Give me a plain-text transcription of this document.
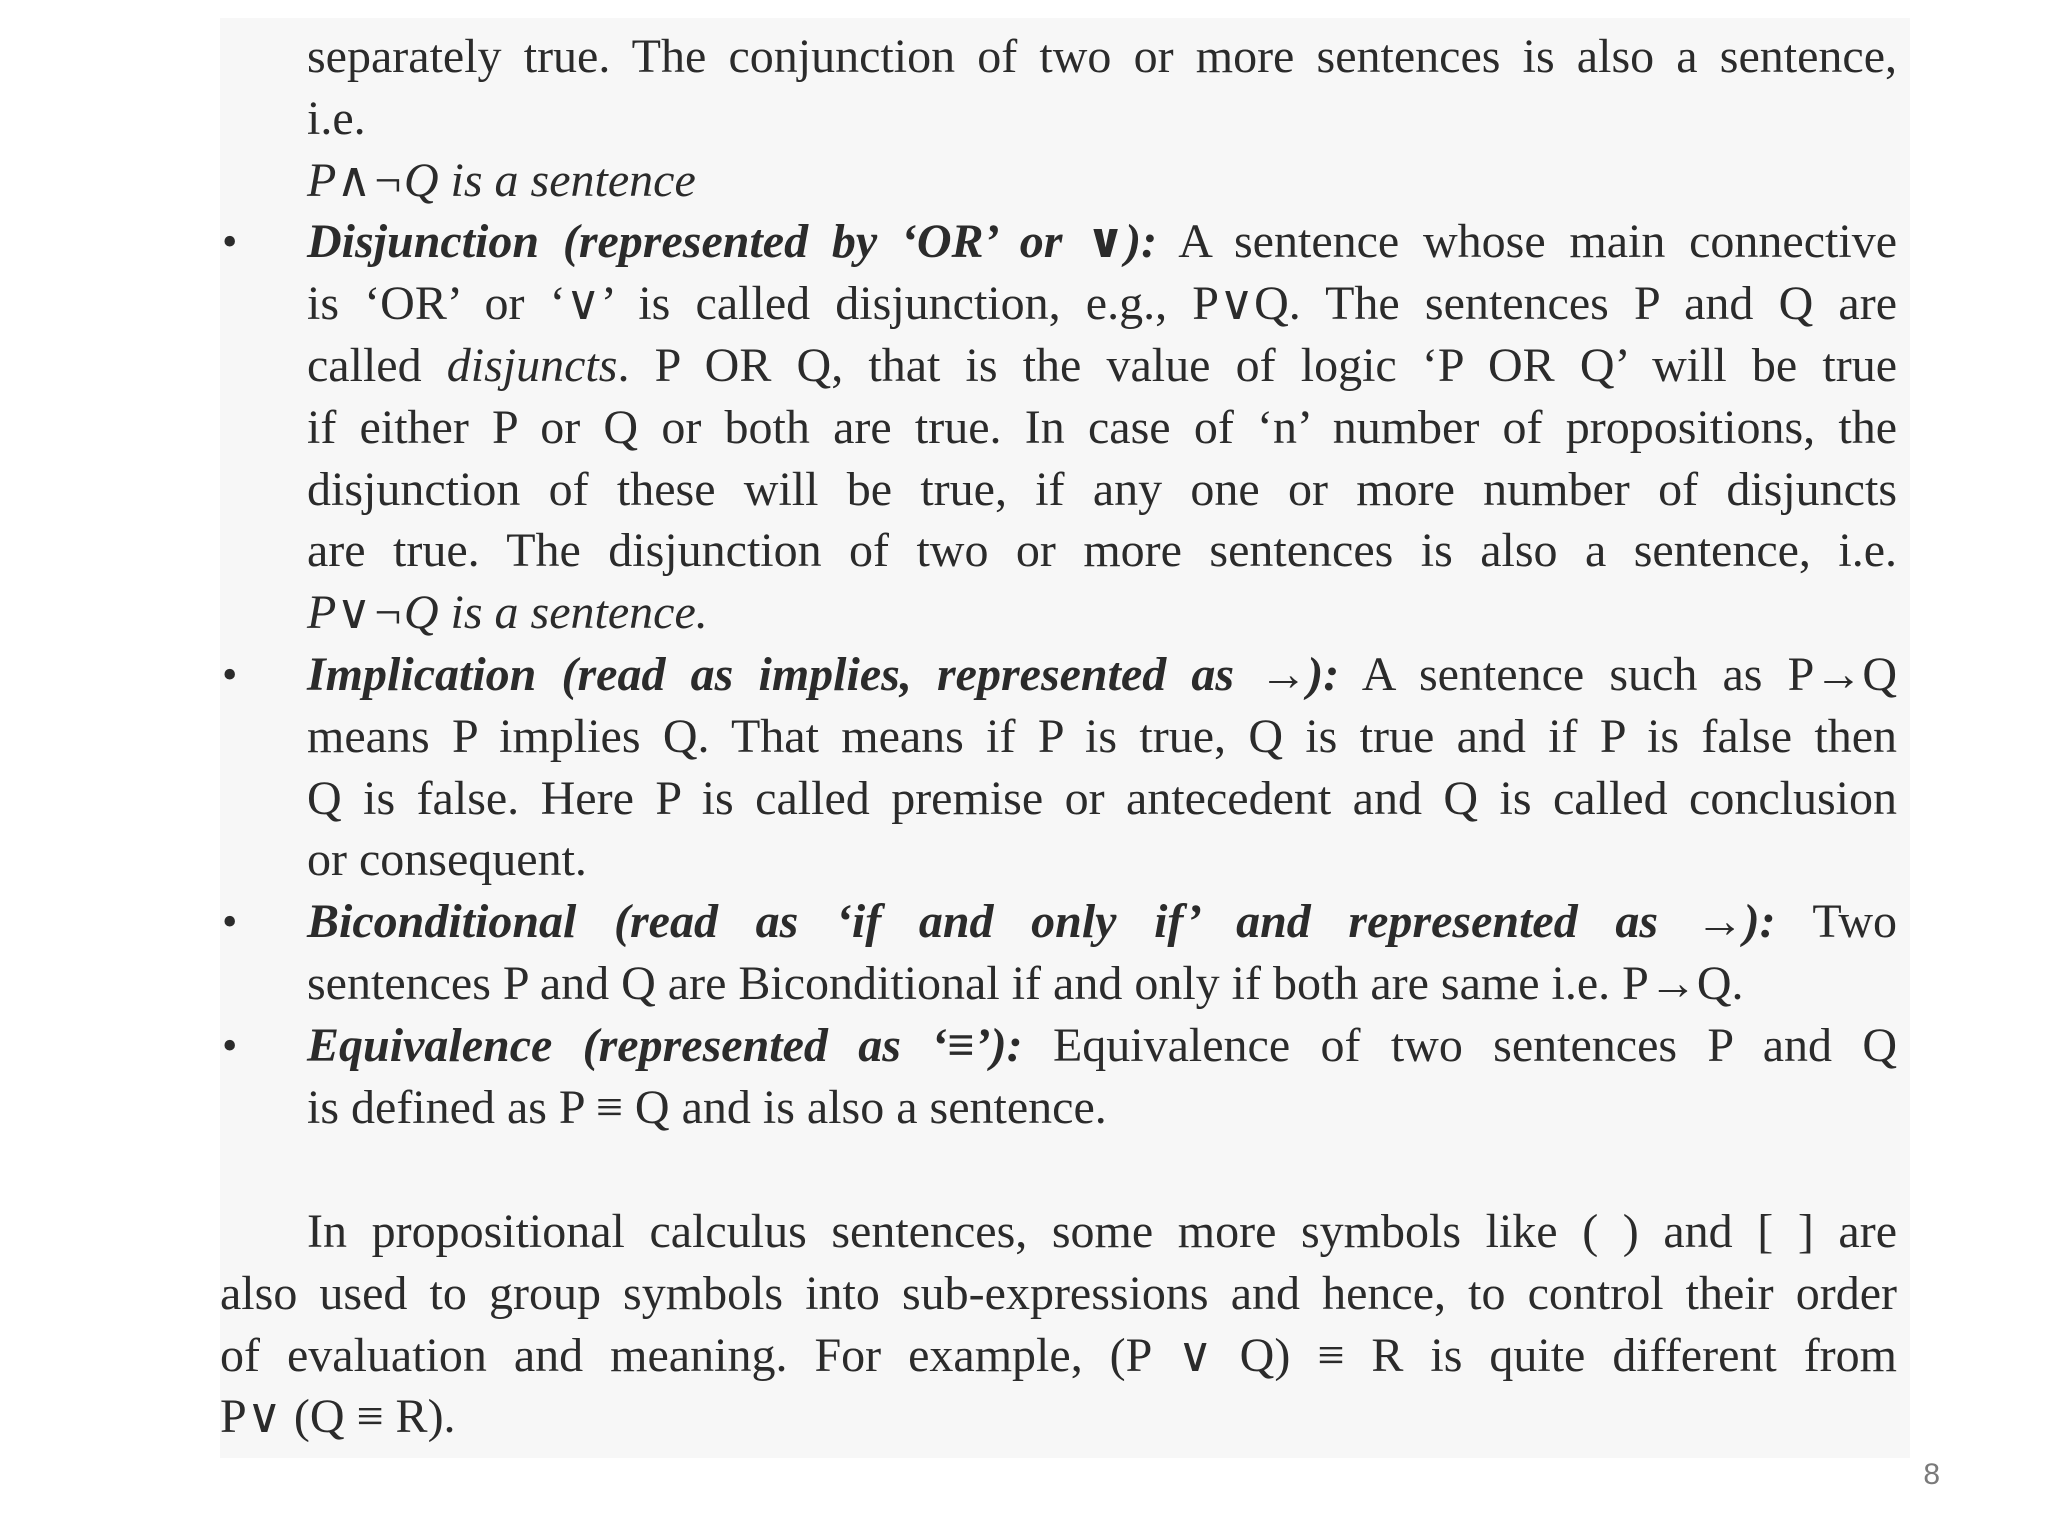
separately true. The conjunction of two or more sentences is also a sentence,
i.e.
P∧¬Q is a sentence
• Disjunction (represented by ‘OR’ or ∨): A sentence whose main connective
is ‘OR’ or ‘∨’ is called disjunction, e.g., P∨Q. The sentences P and Q are
called disjuncts. P OR Q, that is the value of logic ‘P OR Q’ will be true
if either P or Q or both are true. In case of ‘n’ number of propositions, the
disjunction of these will be true, if any one or more number of disjuncts
are true. The disjunction of two or more sentences is also a sentence, i.e.
P∨¬Q is a sentence.
• Implication (read as implies, represented as →): A sentence such as P→Q
means P implies Q. That means if P is true, Q is true and if P is false then
Q is false. Here P is called premise or antecedent and Q is called conclusion
or consequent.
• Biconditional (read as ‘if and only if’ and represented as →): Two
sentences P and Q are Biconditional if and only if both are same i.e. P→Q.
• Equivalence (represented as ‘≡’): Equivalence of two sentences P and Q
is defined as P ≡ Q and is also a sentence.
In propositional calculus sentences, some more symbols like ( ) and [ ] are
also used to group symbols into sub-expressions and hence, to control their order
of evaluation and meaning. For example, (P ∨ Q) ≡ R is quite different from
P∨ (Q ≡ R).
8
